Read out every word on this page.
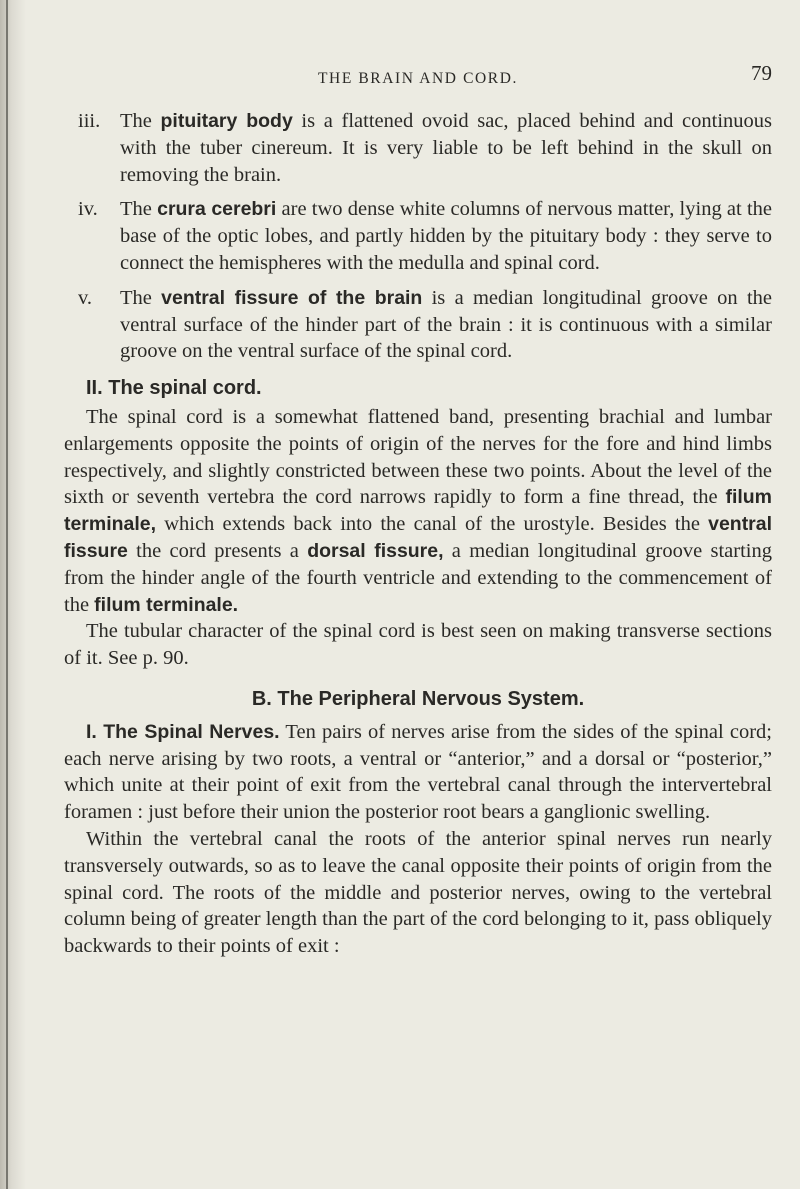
THE BRAIN AND CORD.	79
iii. The pituitary body is a flattened ovoid sac, placed behind and continuous with the tuber cinereum. It is very liable to be left behind in the skull on removing the brain.

iv. The crura cerebri are two dense white columns of nervous matter, lying at the base of the optic lobes, and partly hidden by the pituitary body : they serve to connect the hemispheres with the medulla and spinal cord.

v. The ventral fissure of the brain is a median longitudinal groove on the ventral surface of the hinder part of the brain : it is continuous with a similar groove on the ventral surface of the spinal cord.

II. The spinal cord.

The spinal cord is a somewhat flattened band, presenting brachial and lumbar enlargements opposite the points of origin of the nerves for the fore and hind limbs respectively, and slightly constricted between these two points. About the level of the sixth or seventh vertebra the cord narrows rapidly to form a fine thread, the filum terminale, which extends back into the canal of the urostyle. Besides the ventral fissure the cord presents a dorsal fissure, a median longitudinal groove starting from the hinder angle of the fourth ventricle and extending to the commencement of the filum terminale.

The tubular character of the spinal cord is best seen on making transverse sections of it. See p. 90.

B. The Peripheral Nervous System.

I. The Spinal Nerves. Ten pairs of nerves arise from the sides of the spinal cord; each nerve arising by two roots, a ventral or “anterior,” and a dorsal or “posterior,” which unite at their point of exit from the vertebral canal through the intervertebral foramen : just before their union the posterior root bears a ganglionic swelling.

Within the vertebral canal the roots of the anterior spinal nerves run nearly transversely outwards, so as to leave the canal opposite their points of origin from the spinal cord. The roots of the middle and posterior nerves, owing to the vertebral column being of greater length than the part of the cord belonging to it, pass obliquely backwards to their points of exit :
